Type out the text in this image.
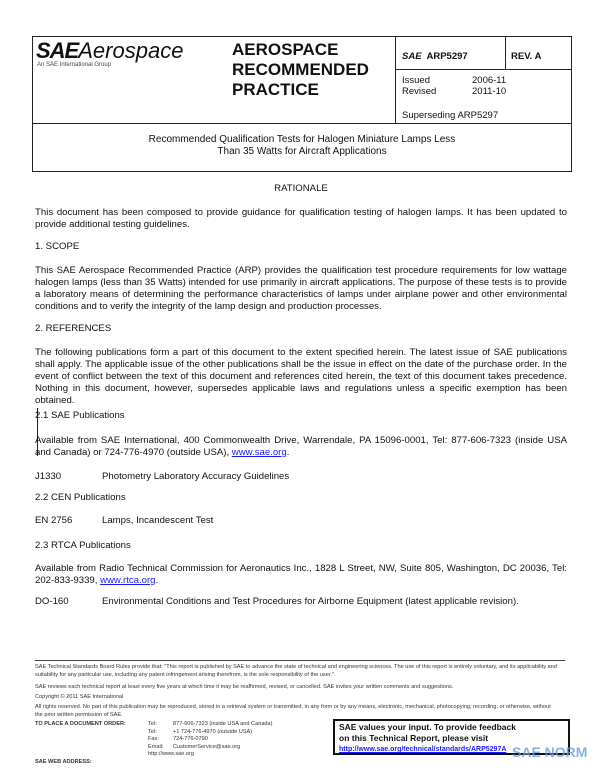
SAEAerospace
An SAE International Group
AEROSPACE
RECOMMENDED
PRACTICE
SAE ARP5297	REV. A
Issued	2006-11
Revised	2011-10
Superseding ARP5297
Recommended Qualification Tests for Halogen Miniature Lamps Less
Than 35 Watts for Aircraft Applications
RATIONALE
This document has been composed to provide guidance for qualification testing of halogen lamps. It has been updated to provide additional testing guidelines.
1. SCOPE
This SAE Aerospace Recommended Practice (ARP) provides the qualification test procedure requirements for low wattage halogen lamps (less than 35 Watts) intended for use primarily in aircraft applications. The purpose of these tests is to provide a laboratory means of determining the performance characteristics of lamps under airplane power and other environmental conditions and to verify the integrity of the lamp design and production processes.
2. REFERENCES
The following publications form a part of this document to the extent specified herein. The latest issue of SAE publications shall apply. The applicable issue of the other publications shall be the issue in effect on the date of the purchase order. In the event of conflict between the text of this document and references cited herein, the text of this document takes precedence. Nothing in this document, however, supersedes applicable laws and regulations unless a specific exemption has been obtained.
2.1 SAE Publications
Available from SAE International, 400 Commonwealth Drive, Warrendale, PA 15096-0001, Tel: 877-606-7323 (inside USA and Canada) or 724-776-4970 (outside USA), www.sae.org.
J1330	Photometry Laboratory Accuracy Guidelines
2.2 CEN Publications
EN 2756	Lamps, Incandescent Test
2.3 RTCA Publications
Available from Radio Technical Commission for Aeronautics Inc., 1828 L Street, NW, Suite 805, Washington, DC 20036, Tel: 202-833-9339, www.rtca.org.
DO-160	Environmental Conditions and Test Procedures for Airborne Equipment (latest applicable revision).
SAE Technical Standards Board Rules provide that: "This report is published by SAE to advance the state of technical and engineering sciences. The use of this report is entirely voluntary, and its applicability and suitability for any particular use, including any patent infringement arising therefrom, is the sole responsibility of the user."
SAE reviews each technical report at least every five years at which time it may be reaffirmed, revised, or cancelled. SAE invites your written comments and suggestions.
Copyright © 2011 SAE International
All rights reserved. No part of this publication may be reproduced, stored in a retrieval system or transmitted, in any form or by any means, electronic, mechanical, photocopying, recording, or otherwise, without the prior written permission of SAE.
TO PLACE A DOCUMENT ORDER:	Tel:	877-606-7323 (inside USA and Canada)
Tel:	+1 724-776-4970 (outside USA)
Fax:	724-776-0790
Email: CustomerService@sae.org
http://www.sae.org
SAE WEB ADDRESS:
SAE values your input. To provide feedback
on this Technical Report, please visit
http://www.sae.org/technical/standards/ARP5297A SAE NORM
